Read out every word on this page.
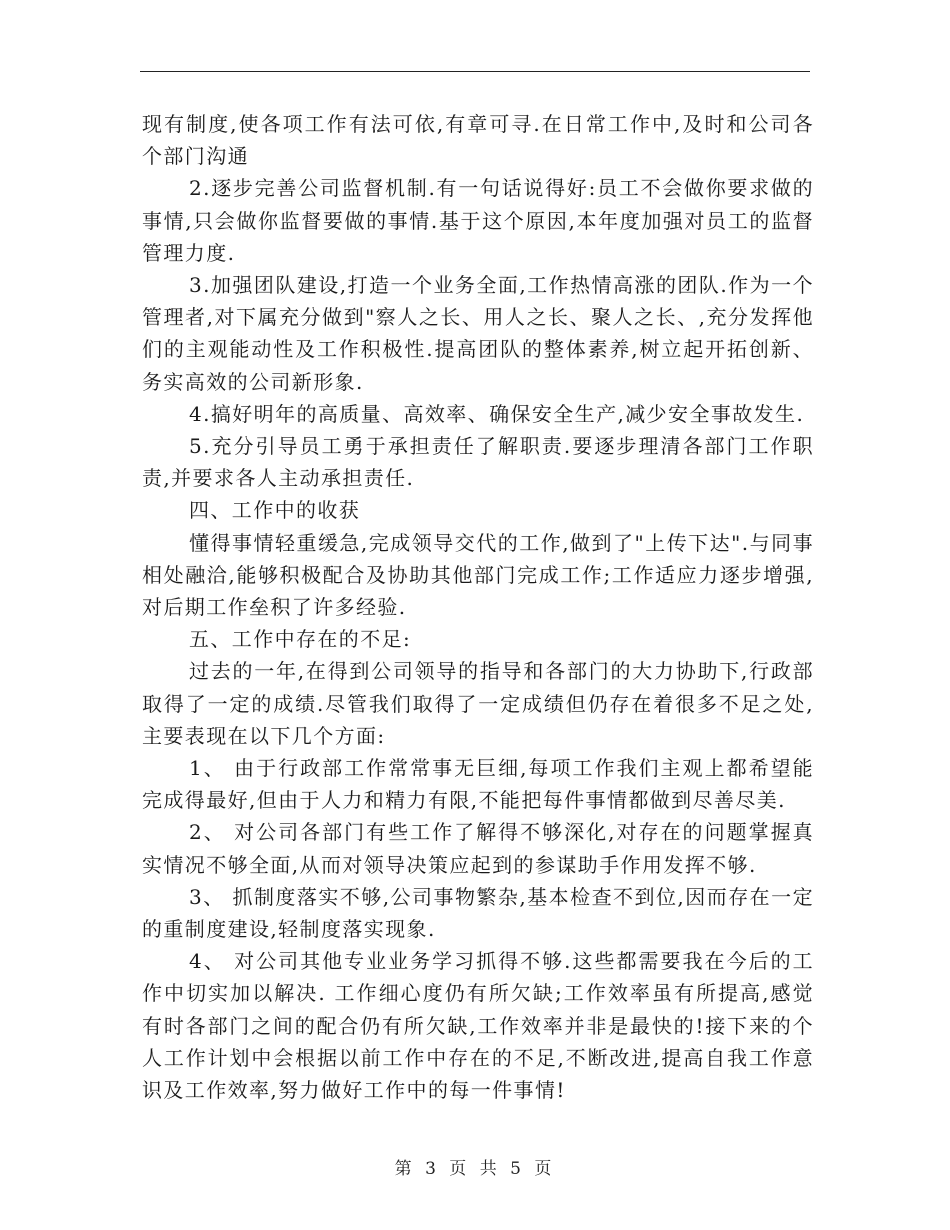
现有制度,使各项工作有法可依,有章可寻.在日常工作中,及时和公司各个部门沟通

2.逐步完善公司监督机制.有一句话说得好:员工不会做你要求做的事情,只会做你监督要做的事情.基于这个原因,本年度加强对员工的监督管理力度.

3.加强团队建设,打造一个业务全面,工作热情高涨的团队.作为一个管理者,对下属充分做到"察人之长、用人之长、聚人之长、,充分发挥他们的主观能动性及工作积极性.提高团队的整体素养,树立起开拓创新、务实高效的公司新形象.

4.搞好明年的高质量、高效率、确保安全生产,减少安全事故发生.

5.充分引导员工勇于承担责任了解职责.要逐步理清各部门工作职责,并要求各人主动承担责任.

四、工作中的收获

懂得事情轻重缓急,完成领导交代的工作,做到了"上传下达".与同事相处融洽,能够积极配合及协助其他部门完成工作;工作适应力逐步增强,对后期工作垒积了许多经验.

五、工作中存在的不足:

过去的一年,在得到公司领导的指导和各部门的大力协助下,行政部取得了一定的成绩.尽管我们取得了一定成绩但仍存在着很多不足之处,主要表现在以下几个方面:

1、 由于行政部工作常常事无巨细,每项工作我们主观上都希望能完成得最好,但由于人力和精力有限,不能把每件事情都做到尽善尽美.

2、 对公司各部门有些工作了解得不够深化,对存在的问题掌握真实情况不够全面,从而对领导决策应起到的参谋助手作用发挥不够.

3、 抓制度落实不够,公司事物繁杂,基本检查不到位,因而存在一定的重制度建设,轻制度落实现象.

4、 对公司其他专业业务学习抓得不够.这些都需要我在今后的工作中切实加以解决. 工作细心度仍有所欠缺;工作效率虽有所提高,感觉有时各部门之间的配合仍有所欠缺,工作效率并非是最快的!接下来的个人工作计划中会根据以前工作中存在的不足,不断改进,提高自我工作意识及工作效率,努力做好工作中的每一件事情!

第 3 页 共 5 页
